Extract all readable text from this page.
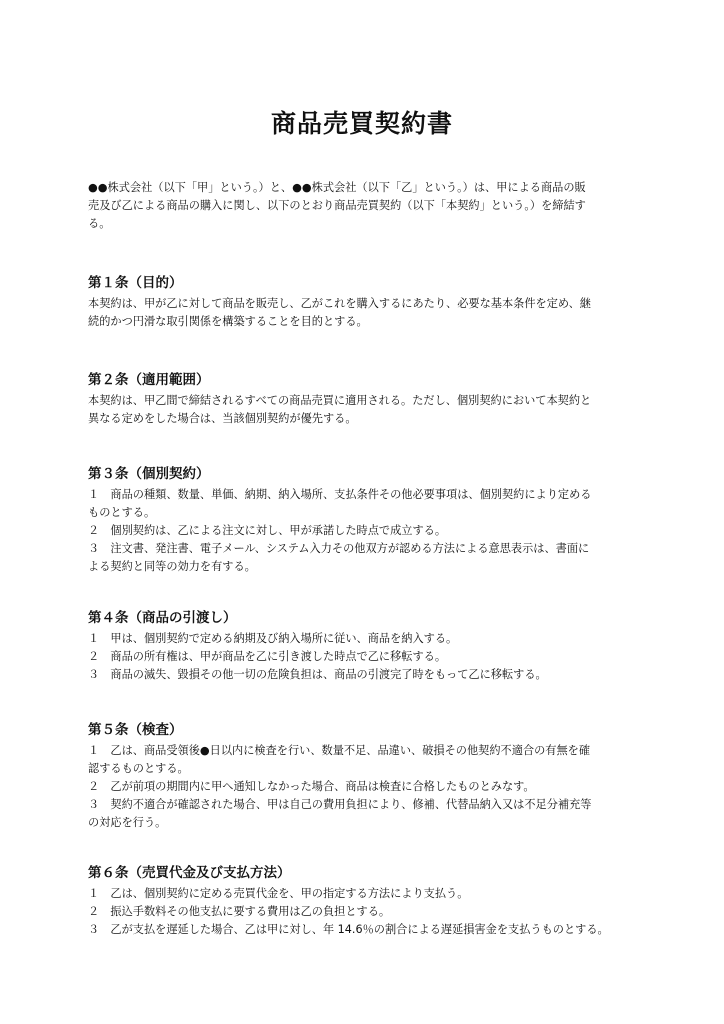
商品売買契約書

●●株式会社（以下「甲」という。）と、●●株式会社（以下「乙」という。）は、甲による商品の販
売及び乙による商品の購入に関し、以下のとおり商品売買契約（以下「本契約」という。）を締結す
る。

第１条（目的）
本契約は、甲が乙に対して商品を販売し、乙がこれを購入するにあたり、必要な基本条件を定め、継
続的かつ円滑な取引関係を構築することを目的とする。
第２条（適用範囲）
本契約は、甲乙間で締結されるすべての商品売買に適用される。ただし、個別契約において本契約と
異なる定めをした場合は、当該個別契約が優先する。
第３条（個別契約）
１　商品の種類、数量、単価、納期、納入場所、支払条件その他必要事項は、個別契約により定める
ものとする。
２　個別契約は、乙による注文に対し、甲が承諾した時点で成立する。
３　注文書、発注書、電子メール、システム入力その他双方が認める方法による意思表示は、書面に
よる契約と同等の効力を有する。
第４条（商品の引渡し）
１　甲は、個別契約で定める納期及び納入場所に従い、商品を納入する。
２　商品の所有権は、甲が商品を乙に引き渡した時点で乙に移転する。
３　商品の滅失、毀損その他一切の危険負担は、商品の引渡完了時をもって乙に移転する。
第５条（検査）
１　乙は、商品受領後●日以内に検査を行い、数量不足、品違い、破損その他契約不適合の有無を確
認するものとする。
２　乙が前項の期間内に甲へ通知しなかった場合、商品は検査に合格したものとみなす。
３　契約不適合が確認された場合、甲は自己の費用負担により、修補、代替品納入又は不足分補充等
の対応を行う。
第６条（売買代金及び支払方法）
１　乙は、個別契約に定める売買代金を、甲の指定する方法により支払う。
２　振込手数料その他支払に要する費用は乙の負担とする。
３　乙が支払を遅延した場合、乙は甲に対し、年 14.6％の割合による遅延損害金を支払うものとする。
